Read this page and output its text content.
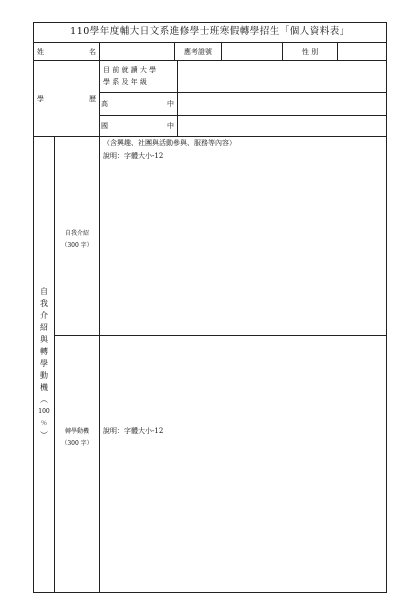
110學年度輔大日文系進修學士班寒假轉學招生「個人資料表」
姓	名	應考證號	性 別
學	歷
目 前 就 讀 大 學
學 系 及 年 級
高	中
國	中
自
我
介
紹
與
轉
學
動
機
︵
100
％
︶
自我介紹
（300 字）
（含興趣、社團與活動參與、服務等內容）
說明：字體大小-12
轉學動機
（300 字）
說明：字體大小-12
